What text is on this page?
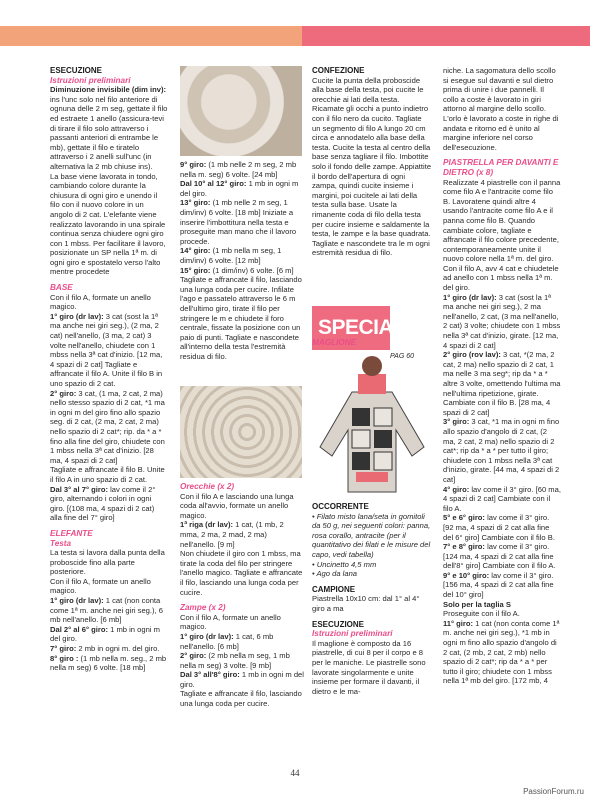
ESECUZIONE

Istruzioni preliminari

Diminuzione invisibile (dim inv): ins l'unc solo nel filo anteriore di ognuna delle 2 m seg, gettate il filo ed estraete 1 anello (assicura-tevi di tirare il filo solo attraverso i passanti anteriori di entrambe le mb), gettate il filo e tiratelo attraverso i 2 anelli sull'unc (in alternativa la 2 mb chiuse ins).

La base viene lavorata in tondo, cambiando colore durante la chiusura di ogni giro e unendo il filo con il nuovo colore in un angolo di 2 cat. L'elefante viene realizzato lavorando in una spirale continua senza chiudere ogni giro con 1 mbss. Per facilitare il lavoro, posizionate un SP nella 1ª m. di ogni giro e spostatelo verso l'alto mentre procedete

BASE

Con il filo A, formate un anello magico.

1° giro (dr lav): 3 cat (sost la 1ª ma anche nei giri seg.), (2 ma, 2 cat) nell'anello, (3 ma, 2 cat) 3 volte nell'anello, chiudete con 1 mbss nella 3ª cat d'inizio. [12 ma, 4 spazi di 2 cat] Tagliate e affrancate il filo A. Unite il filo B in uno spazio di 2 cat.

2° giro: 3 cat, (1 ma, 2 cat, 2 ma) nello stesso spazio di 2 cat, *1 ma in ogni m del giro fino allo spazio seg. di 2 cat, (2 ma, 2 cat, 2 ma) nello spazio di 2 cat*; rip. da * a * fino alla fine del giro, chiudete con 1 mbss nella 3ª cat d'inizio. [28 ma, 4 spazi di 2 cat]

Tagliate e affrancate il filo B. Unite il filo A in uno spazio di 2 cat.

Dal 3° al 7° giro: lav come il 2° giro, alternando i colori in ogni giro. [(108 ma, 4 spazi di 2 cat) alla fine del 7° giro]

ELEFANTE

Testa

La testa si lavora dalla punta della proboscide fino alla parte posteriore.

Con il filo A, formate un anello magico.

1° giro (dr lav): 1 cat (non conta come 1ª m. anche nei giri seg.), 6 mb nell'anello. [6 mb]

Dal 2° al 6° giro: 1 mb in ogni m del giro.

7° giro: 2 mb in ogni m. del giro.

8° giro : (1 mb nella m. seg., 2 mb nella m seg) 6 volte. [18 mb]

9° giro: (1 mb nelle 2 m seg, 2 mb nella m. seg) 6 volte. [24 mb]

Dal 10° al 12° giro: 1 mb in ogni m del giro.

13° giro: (1 mb nelle 2 m seg, 1 dim/inv) 6 volte. [18 mb] Iniziate a inserire l'imbottitura nella testa e proseguite man mano che il lavoro procede.

14° giro: (1 mb nella m seg, 1 dim/inv) 6 volte. [12 mb]

15° giro: (1 dim/inv) 6 volte. [6 m] Tagliate e affrancate il filo, lasciando una lunga coda per cucire. Infilate l'ago e passatelo attraverso le 6 m dell'ultimo giro, tirate il filo per stringere le m e chiudete il foro centrale, fissate la posizione con un paio di punti. Tagliate e nascondete all'interno della testa l'estremità residua di filo.

Orecchie (x 2)

Con il filo A e lasciando una lunga coda all'avvio, formate un anello magico.

1ª riga (dr lav): 1 cat, (1 mb, 2 mma, 2 ma, 2 mad, 2 ma) nell'anello. [9 m]

Non chiudete il giro con 1 mbss, ma tirate la coda del filo per stringere l'anello magico. Tagliate e affrancate il filo, lasciando una lunga coda per cucire.

Zampe (x 2)

Con il filo A, formate un anello magico.

1° giro (dr lav): 1 cat, 6 mb nell'anello. [6 mb]

2° giro: (2 mb nella m seg, 1 mb nella m seg) 3 volte. [9 mb]

Dal 3° all'8° giro: 1 mb in ogni m del giro.

Tagliate e affrancate il filo, lasciando una lunga coda per cucire.

CONFEZIONE

Cucite la punta della proboscide alla base della testa, poi cucite le orecchie ai lati della testa. Ricamate gli occhi a punto indietro con il filo nero da cucito. Tagliate un segmento di filo A lungo 20 cm circa e annodatelo alla base della testa. Cucite la testa al centro della base senza tagliare il filo. Imbottite solo il fondo delle zampe. Appiattite il bordo dell'apertura di ogni zampa, quindi cucite insieme i margini, poi cucitele ai lati della testa sulla base. Usate la rimanente coda di filo della testa per cucire insieme e saldamente la testa, le zampe e la base quadrata. Tagliate e nascondete tra le m ogni estremità residua di filo.

SPECIALE

PAG 60

MAGLIONE

OCCORRENTE

• Filato misto lana/seta in gomitoli da 50 g, nei seguenti colori: panna, rosa corallo, antracite (per il quantitativo dei filati e le misure del capo, vedi tabella)

• Uncinetto 4,5 mm

• Ago da lana

CAMPIONE

Piastrella 10x10 cm: dal 1° al 4° giro a ma

ESECUZIONE

Istruzioni preliminari

Il maglione è composto da 16 piastrelle, di cui 8 per il corpo e 8 per le maniche. Le piastrelle sono lavorate singolarmente e unite insieme per formare il davanti, il dietro e le ma-

niche. La sagomatura dello scollo si esegue sul davanti e sul dietro prima di unire i due pannelli. Il collo a coste è lavorato in giri attorno al margine dello scollo. L'orlo è lavorato a coste in righe di andata e ritorno ed è unito al margine inferiore nel corso dell'esecuzione.

PIASTRELLA PER DAVANTI E DIETRO (x 8)

Realizzate 4 piastrelle con il panna come filo A e l'antracite come filo B. Lavoratene quindi altre 4 usando l'antracite come filo A e il panna come filo B. Quando cambiate colore, tagliate e affrancate il filo colore precedente, contemporaneamente unite il nuovo colore nella 1ª m. del giro.

Con il filo A, avv 4 cat e chiudetele ad anello con 1 mbss nella 1ª m. del giro.

1° giro (dr lav): 3 cat (sost la 1ª ma anche nei giri seg.), 2 ma nell'anello, 2 cat, (3 ma nell'anello, 2 cat) 3 volte; chiudete con 1 mbss nella 3ª cat d'inizio, girate. [12 ma, 4 spazi di 2 cat]

2° giro (rov lav): 3 cat, *(2 ma, 2 cat, 2 ma) nello spazio di 2 cat, 1 ma nelle 3 ma seg*; rip da * a * altre 3 volte, omettendo l'ultima ma nell'ultima ripetizione, girate. Cambiate con il filo B. [28 ma, 4 spazi di 2 cat]

3° giro: 3 cat, *1 ma in ogni m fino allo spazio d'angolo di 2 cat, (2 ma, 2 cat, 2 ma) nello spazio di 2 cat*; rip da * a * per tutto il giro; chiudete con 1 mbss nella 3ª cat d'inizio, girate. [44 ma, 4 spazi di 2 cat]

4° giro: lav come il 3° giro. [60 ma, 4 spazi di 2 cat] Cambiate con il filo A.

5° e 6° giro: lav come il 3° giro. [92 ma, 4 spazi di 2 cat alla fine del 6° giro] Cambiate con il filo B.

7° e 8° giro: lav come il 3° giro. [124 ma, 4 spazi di 2 cat alla fine dell'8° giro] Cambiate con il filo A.

9° e 10° giro: lav come il 3° giro. [156 ma, 4 spazi di 2 cat alla fine del 10° giro]

Solo per la taglia S

Proseguite con il filo A.

11° giro: 1 cat (non conta come 1ª m. anche nei giri seg.), *1 mb in ogni m fino allo spazio d'angolo di 2 cat, (2 mb, 2 cat, 2 mb) nello spazio di 2 cat*; rip da * a * per tutto il giro; chiudete con 1 mbss nella 1ª mb del giro. [172 mb, 4

44
PassionForum.ru
